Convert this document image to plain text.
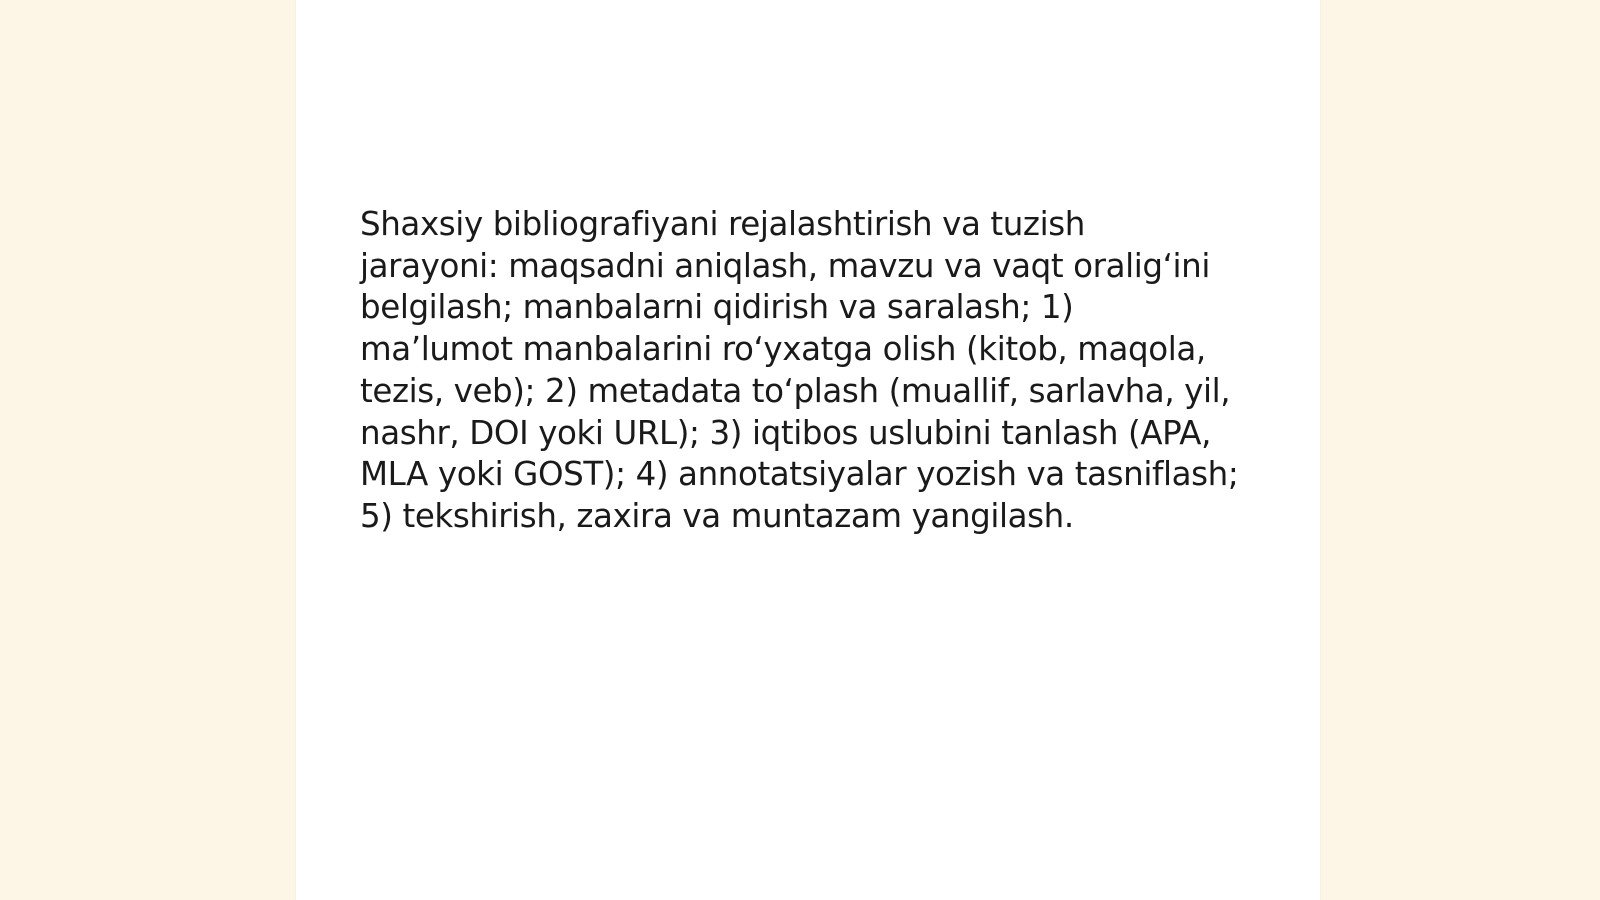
Shaxsiy bibliografiyani rejalashtirish va tuzish
jarayoni: maqsadni aniqlash, mavzu va vaqt oralig‘ini
belgilash; manbalarni qidirish va saralash; 1)
ma’lumot manbalarini ro‘yxatga olish (kitob, maqola,
tezis, veb); 2) metadata to‘plash (muallif, sarlavha, yil,
nashr, DOI yoki URL); 3) iqtibos uslubini tanlash (APA,
MLA yoki GOST); 4) annotatsiyalar yozish va tasniflash;
5) tekshirish, zaxira va muntazam yangilash.
